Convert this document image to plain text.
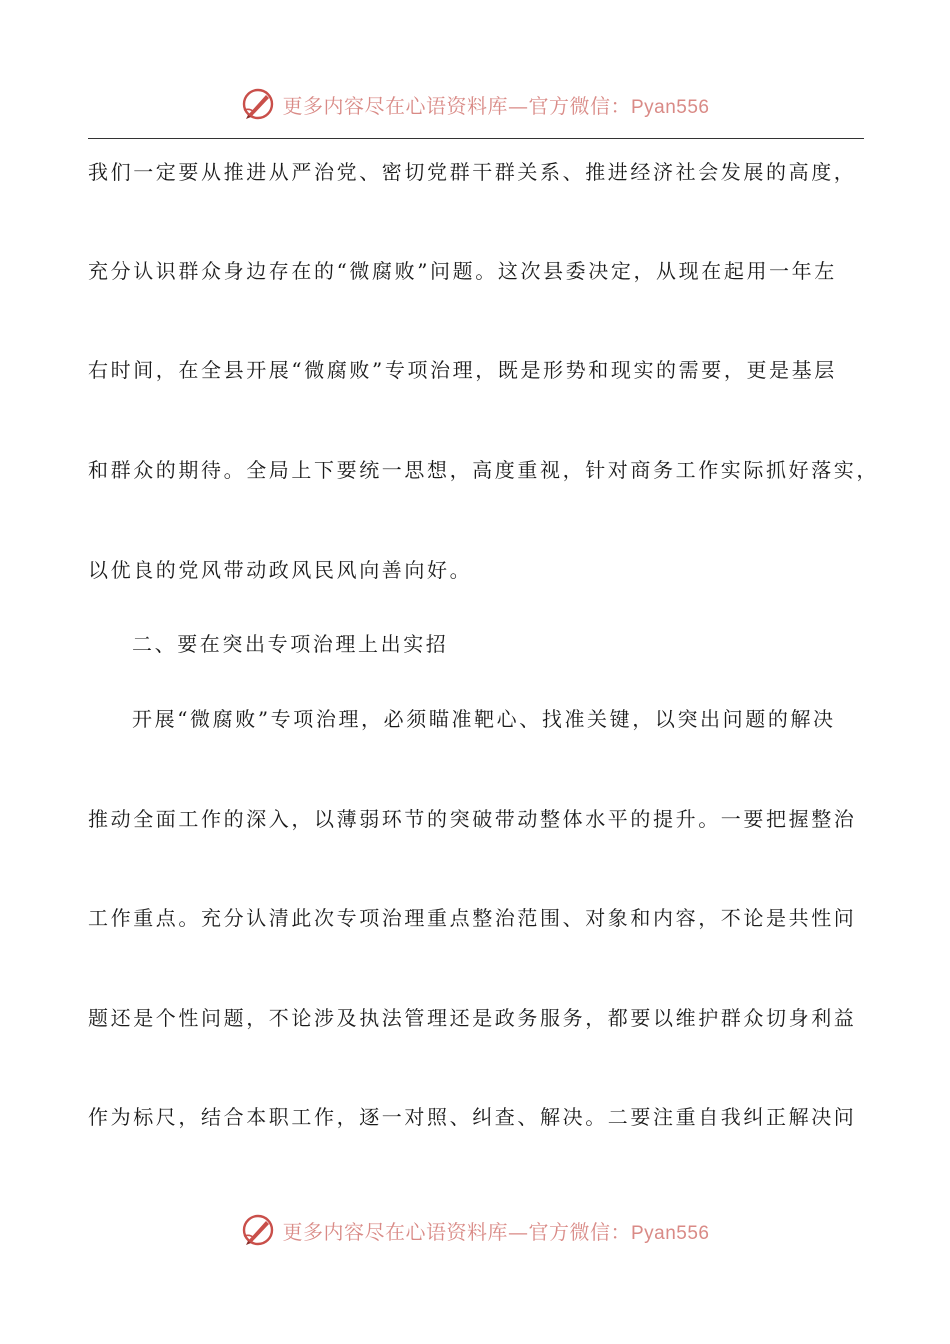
更多内容尽在心语资料库—官方微信：Pyan556
我们一定要从推进从严治党、密切党群干群关系、推进经济社会发展的高度，
充分认识群众身边存在的“微腐败”问题。这次县委决定，从现在起用一年左
右时间，在全县开展“微腐败”专项治理，既是形势和现实的需要，更是基层
和群众的期待。全局上下要统一思想，高度重视，针对商务工作实际抓好落实，
以优良的党风带动政风民风向善向好。
二、要在突出专项治理上出实招
开展“微腐败”专项治理，必须瞄准靶心、找准关键，以突出问题的解决
推动全面工作的深入，以薄弱环节的突破带动整体水平的提升。一要把握整治
工作重点。充分认清此次专项治理重点整治范围、对象和内容，不论是共性问
题还是个性问题，不论涉及执法管理还是政务服务，都要以维护群众切身利益
作为标尺，结合本职工作，逐一对照、纠查、解决。二要注重自我纠正解决问
更多内容尽在心语资料库—官方微信：Pyan556
